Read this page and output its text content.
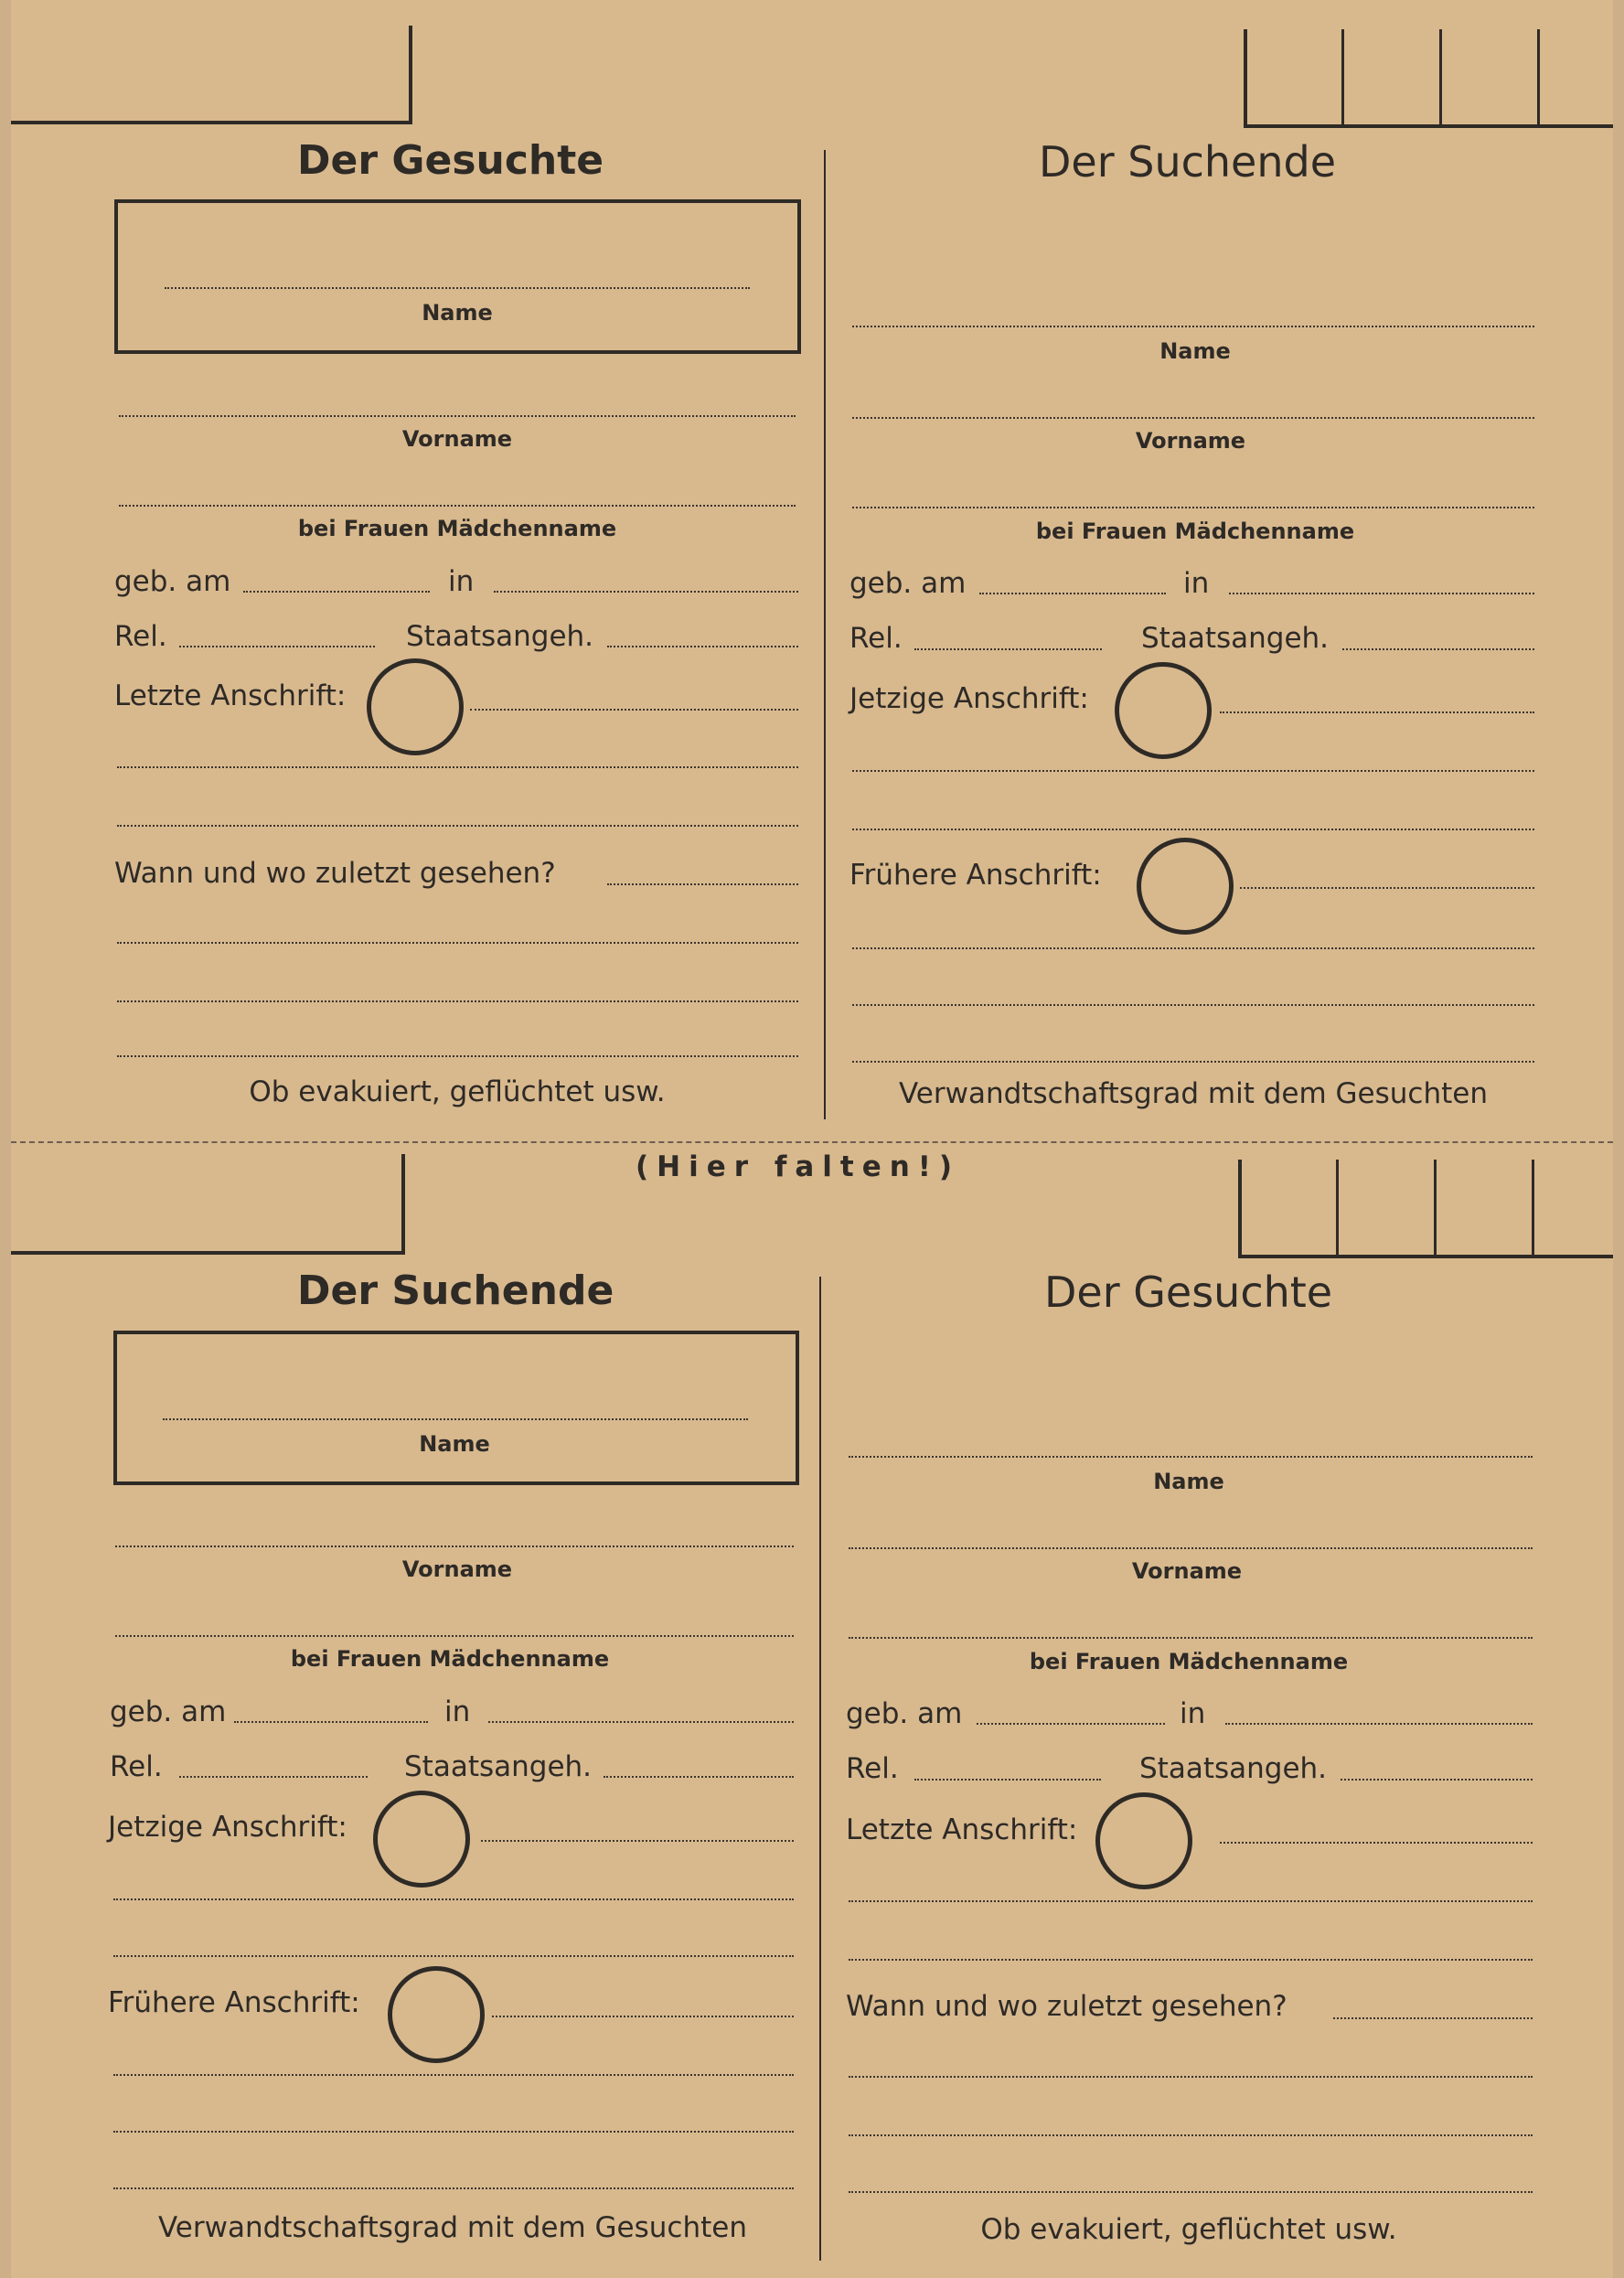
Der Gesuchte
Name
Vorname
bei Frauen Mädchenname
geb. am	in
Rel.	Staatsangeh.
Letzte Anschrift:
Wann und wo zuletzt gesehen?
Ob evakuiert, geflüchtet usw.
Der Suchende
Name
Vorname
bei Frauen Mädchenname
geb. am	in
Rel.	Staatsangeh.
Jetzige Anschrift:
Frühere Anschrift:
Verwandtschaftsgrad mit dem Gesuchten
(Hier falten!)
Der Suchende
Name
Vorname
bei Frauen Mädchenname
geb. am	in
Rel.	Staatsangeh.
Jetzige Anschrift:
Frühere Anschrift:
Verwandtschaftsgrad mit dem Gesuchten
Der Gesuchte
Name
Vorname
bei Frauen Mädchenname
geb. am	in
Rel.	Staatsangeh.
Letzte Anschrift:
Wann und wo zuletzt gesehen?
Ob evakuiert, geflüchtet usw.
